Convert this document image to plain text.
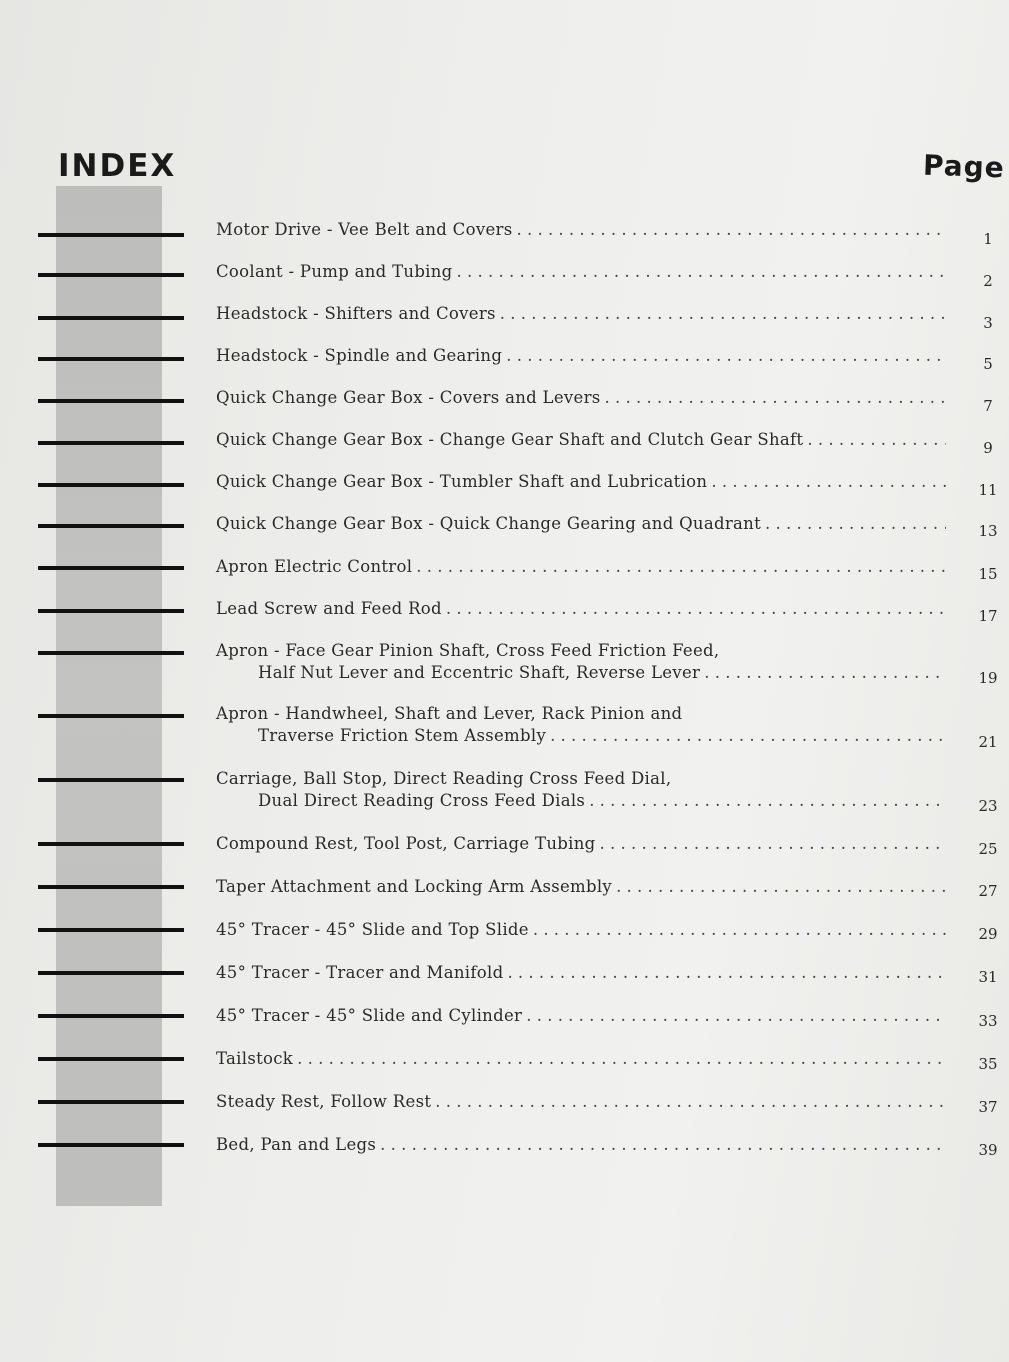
INDEX	Page
Motor Drive - Vee Belt and Covers . . .	1
Coolant - Pump and Tubing . . .	2
Headstock - Shifters and Covers . . .	3
Headstock - Spindle and Gearing . . .	5
Quick Change Gear Box - Covers and Levers . . .	7
Quick Change Gear Box - Change Gear Shaft and Clutch Gear Shaft . . .	9
Quick Change Gear Box - Tumbler Shaft and Lubrication . . .	11
Quick Change Gear Box - Quick Change Gearing and Quadrant . . .	13
Apron Electric Control . . .	15
Lead Screw and Feed Rod . . .	17
Apron - Face Gear Pinion Shaft, Cross Feed Friction Feed,
Half Nut Lever and Eccentric Shaft, Reverse Lever . . .	19
Apron - Handwheel, Shaft and Lever, Rack Pinion and
Traverse Friction Stem Assembly . . .	21
Carriage, Ball Stop, Direct Reading Cross Feed Dial,
Dual Direct Reading Cross Feed Dials . . .	23
Compound Rest, Tool Post, Carriage Tubing . . .	25
Taper Attachment and Locking Arm Assembly . . .	27
45° Tracer - 45° Slide and Top Slide . . .	29
45° Tracer - Tracer and Manifold . . .	31
45° Tracer - 45° Slide and Cylinder . . .	33
Tailstock . . .	35
Steady Rest, Follow Rest . . .	37
Bed, Pan and Legs . . .	39
